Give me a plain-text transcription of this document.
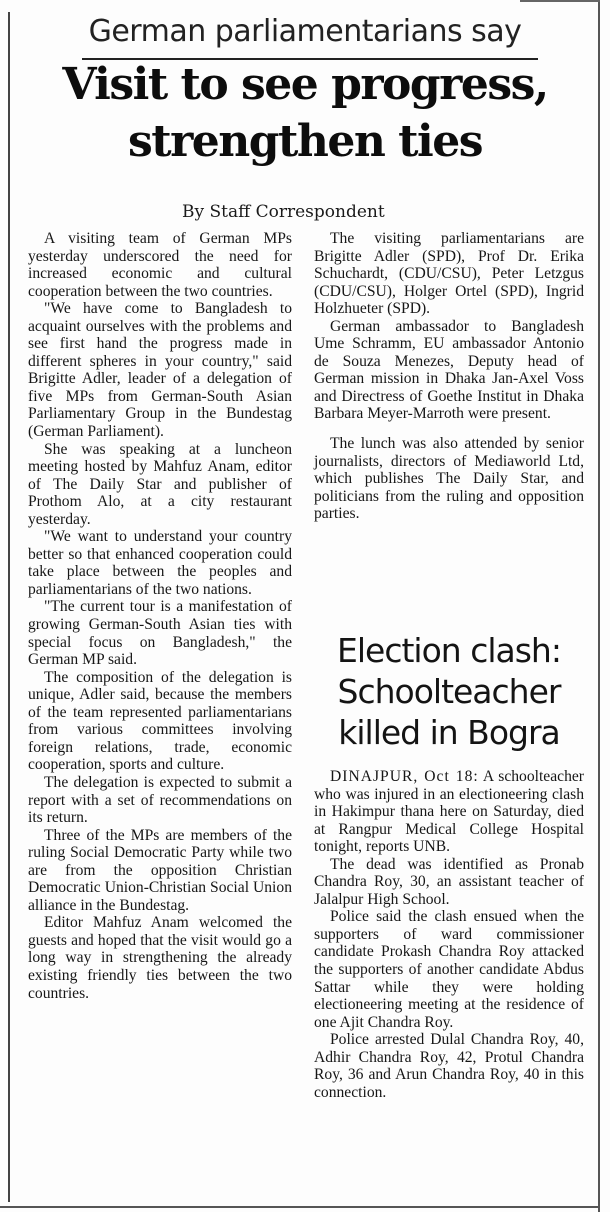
German parliamentarians say
Visit to see progress,
strengthen ties
By Staff Correspondent

A visiting team of German MPs yesterday underscored the need for increased economic and cultural cooperation between the two countries.

"We have come to Bangladesh to acquaint ourselves with the problems and see first hand the progress made in different spheres in your country," said Brigitte Adler, leader of a delegation of five MPs from German-South Asian Parliamentary Group in the Bundestag (German Parliament).

She was speaking at a luncheon meeting hosted by Mahfuz Anam, editor of The Daily Star and publisher of Prothom Alo, at a city restaurant yesterday.

"We want to understand your country better so that enhanced cooperation could take place between the peoples and parliamentarians of the two nations.

"The current tour is a manifestation of growing German-South Asian ties with special focus on Bangladesh," the German MP said.

The composition of the delegation is unique, Adler said, because the members of the team represented parliamentarians from various committees involving foreign relations, trade, economic cooperation, sports and culture.

The delegation is expected to submit a report with a set of recommendations on its return.

Three of the MPs are members of the ruling Social Democratic Party while two are from the opposition Christian Democratic Union-Christian Social Union alliance in the Bundestag.

Editor Mahfuz Anam welcomed the guests and hoped that the visit would go a long way in strengthening the already existing friendly ties between the two countries.

The visiting parliamentarians are Brigitte Adler (SPD), Prof Dr. Erika Schuchardt, (CDU/CSU), Peter Letzgus (CDU/CSU), Holger Ortel (SPD), Ingrid Holzhueter (SPD).

German ambassador to Bangladesh Ume Schramm, EU ambassador Antonio de Souza Menezes, Deputy head of German mission in Dhaka Jan-Axel Voss and Directress of Goethe Institut in Dhaka Barbara Meyer-Marroth were present.

The lunch was also attended by senior journalists, directors of Mediaworld Ltd, which publishes The Daily Star, and politicians from the ruling and opposition parties.

Election clash:
Schoolteacher
killed in Bogra

DINAJPUR, Oct 18: A schoolteacher who was injured in an electioneering clash in Hakimpur thana here on Saturday, died at Rangpur Medical College Hospital tonight, reports UNB.

The dead was identified as Pronab Chandra Roy, 30, an assistant teacher of Jalalpur High School.

Police said the clash ensued when the supporters of ward commissioner candidate Prokash Chandra Roy attacked the supporters of another candidate Abdus Sattar while they were holding electioneering meeting at the residence of one Ajit Chandra Roy.

Police arrested Dulal Chandra Roy, 40, Adhir Chandra Roy, 42, Protul Chandra Roy, 36 and Arun Chandra Roy, 40 in this connection.
